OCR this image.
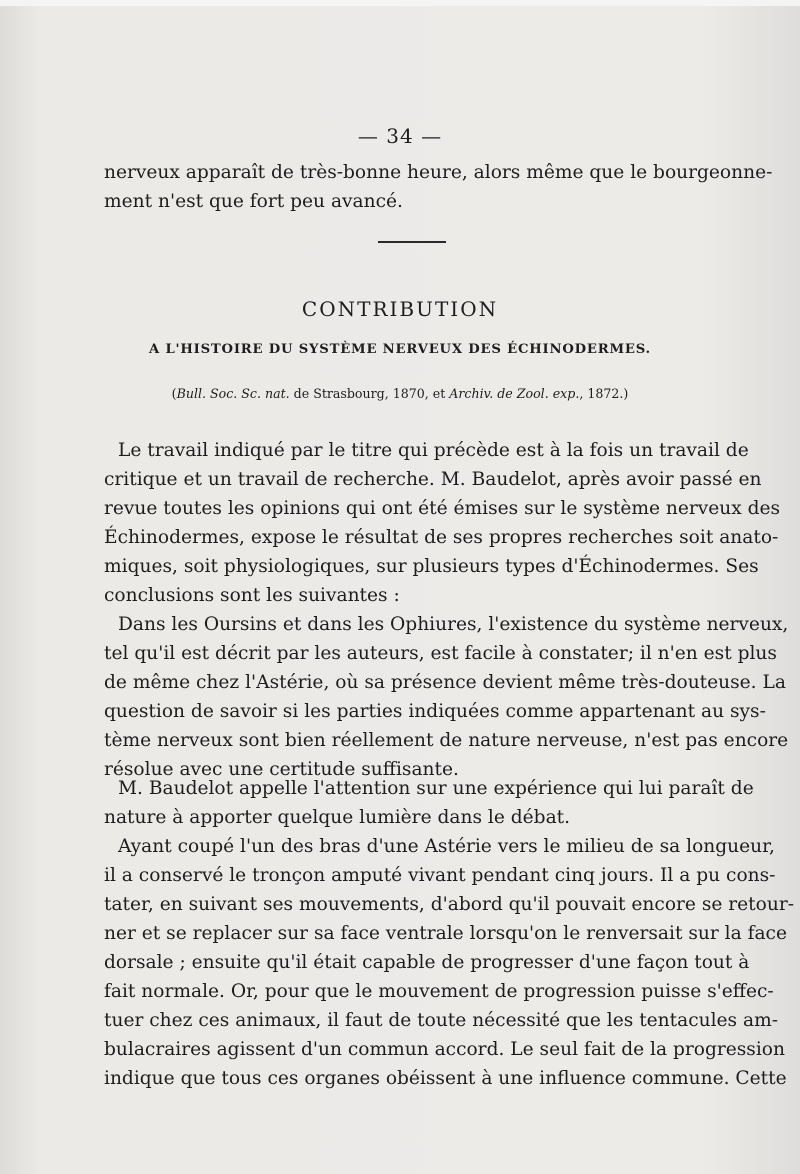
— 34 —
nerveux apparaît de très-bonne heure, alors même que le bourgeonne-
ment n'est que fort peu avancé.
CONTRIBUTION
A L'HISTOIRE DU SYSTÈME NERVEUX DES ÉCHINODERMES.
(Bull. Soc. Sc. nat. de Strasbourg, 1870, et Archiv. de Zool. exp., 1872.)
Le travail indiqué par le titre qui précède est à la fois un travail de
critique et un travail de recherche. M. Baudelot, après avoir passé en
revue toutes les opinions qui ont été émises sur le système nerveux des
Échinodermes, expose le résultat de ses propres recherches soit anato-
miques, soit physiologiques, sur plusieurs types d'Échinodermes. Ses
conclusions sont les suivantes :
Dans les Oursins et dans les Ophiures, l'existence du système nerveux,
tel qu'il est décrit par les auteurs, est facile à constater; il n'en est plus
de même chez l'Astérie, où sa présence devient même très-douteuse. La
question de savoir si les parties indiquées comme appartenant au sys-
tème nerveux sont bien réellement de nature nerveuse, n'est pas encore
résolue avec une certitude suffisante.
M. Baudelot appelle l'attention sur une expérience qui lui paraît de
nature à apporter quelque lumière dans le débat.
Ayant coupé l'un des bras d'une Astérie vers le milieu de sa longueur,
il a conservé le tronçon amputé vivant pendant cinq jours. Il a pu cons-
tater, en suivant ses mouvements, d'abord qu'il pouvait encore se retour-
ner et se replacer sur sa face ventrale lorsqu'on le renversait sur la face
dorsale ; ensuite qu'il était capable de progresser d'une façon tout à
fait normale. Or, pour que le mouvement de progression puisse s'effec-
tuer chez ces animaux, il faut de toute nécessité que les tentacules am-
bulacraires agissent d'un commun accord. Le seul fait de la progression
indique que tous ces organes obéissent à une influence commune. Cette
